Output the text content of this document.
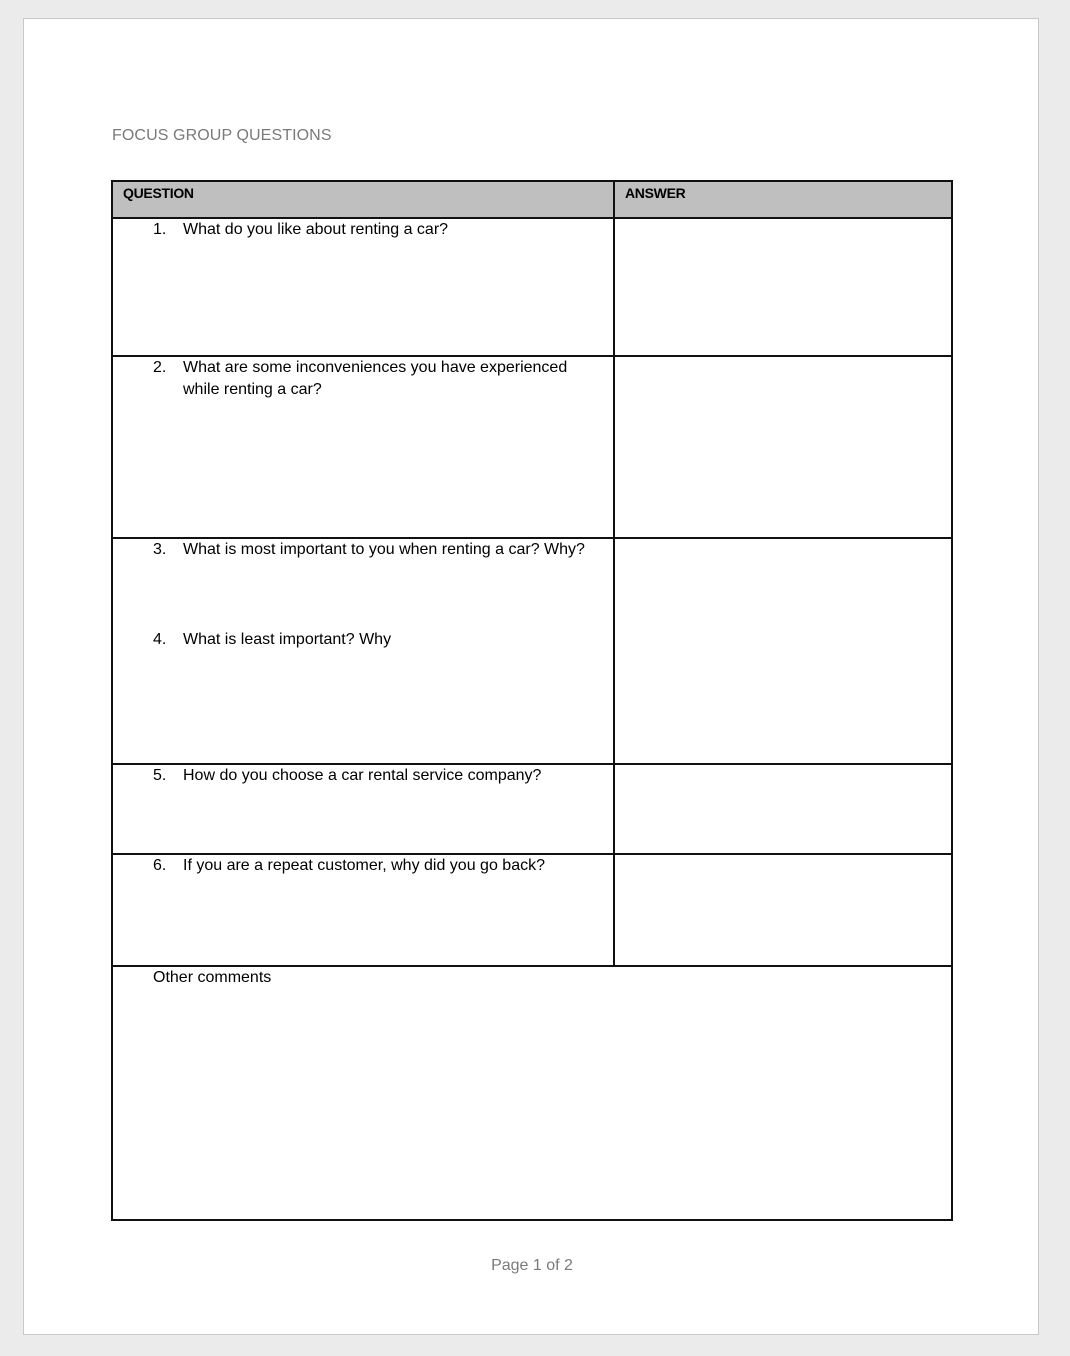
FOCUS GROUP QUESTIONS
QUESTION	ANSWER

1. What do you like about renting a car?	

2. What are some inconveniences you have experienced while renting a car?	

3. What is most important to you when renting a car? Why?
4. What is least important? Why	

5. How do you choose a car rental service company?	

6. If you are a repeat customer, why did you go back?	

Other comments	
Page 1 of 2
